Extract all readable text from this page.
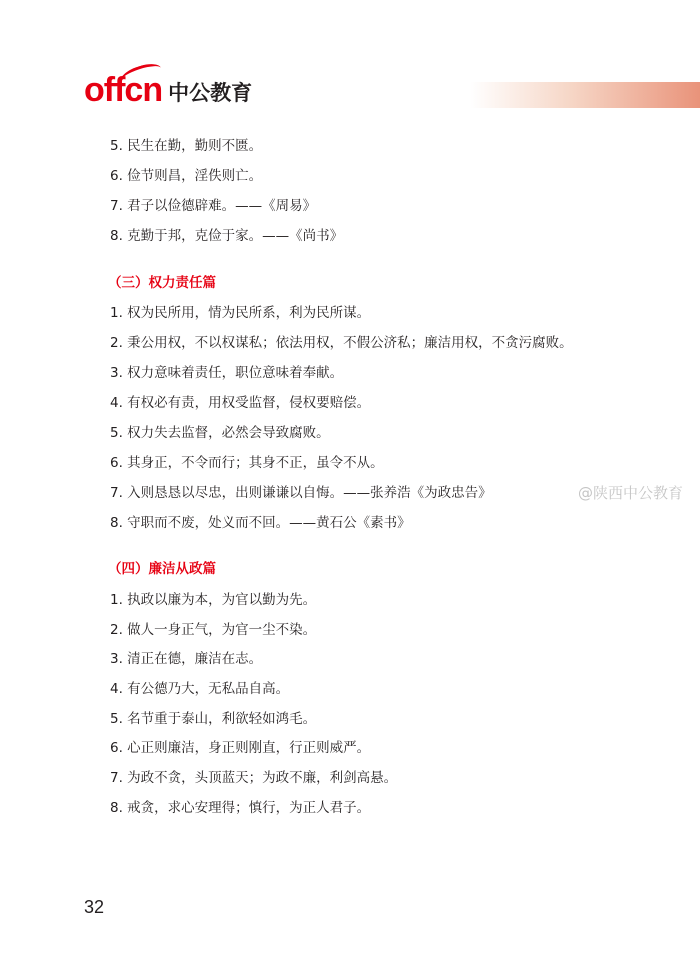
offcn 中公教育
5. 民生在勤，勤则不匮。
6. 俭节则昌，淫佚则亡。
7. 君子以俭德辟难。——《周易》
8. 克勤于邦，克俭于家。——《尚书》
（三）权力责任篇
1. 权为民所用，情为民所系，利为民所谋。
2. 秉公用权，不以权谋私；依法用权，不假公济私；廉洁用权，不贪污腐败。
3. 权力意味着责任，职位意味着奉献。
4. 有权必有责，用权受监督，侵权要赔偿。
5. 权力失去监督，必然会导致腐败。
6. 其身正，不令而行；其身不正，虽令不从。
7. 入则恳恳以尽忠，出则谦谦以自悔。——张养浩《为政忠告》
8. 守职而不废，处义而不回。——黄石公《素书》
（四）廉洁从政篇
1. 执政以廉为本，为官以勤为先。
2. 做人一身正气，为官一尘不染。
3. 清正在德，廉洁在志。
4. 有公德乃大，无私品自高。
5. 名节重于泰山，利欲轻如鸿毛。
6. 心正则廉洁，身正则刚直，行正则威严。
7. 为政不贪，头顶蓝天；为政不廉，利剑高悬。
8. 戒贪，求心安理得；慎行，为正人君子。
@陕西中公教育
32
